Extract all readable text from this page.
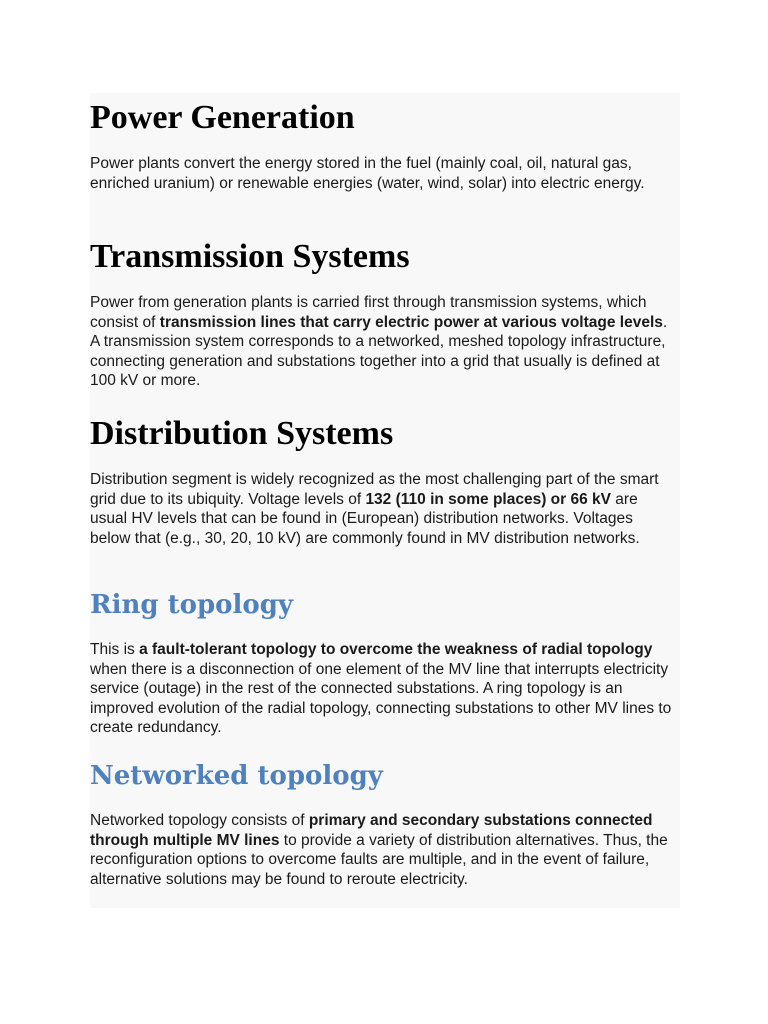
Power Generation

Power plants convert the energy stored in the fuel (mainly coal, oil, natural gas, enriched uranium) or renewable energies (water, wind, solar) into electric energy.

Transmission Systems

Power from generation plants is carried first through transmission systems, which consist of transmission lines that carry electric power at various voltage levels. A transmission system corresponds to a networked, meshed topology infrastructure, connecting generation and substations together into a grid that usually is defined at 100 kV or more.

Distribution Systems

Distribution segment is widely recognized as the most challenging part of the smart grid due to its ubiquity. Voltage levels of 132 (110 in some places) or 66 kV are usual HV levels that can be found in (European) distribution networks. Voltages below that (e.g., 30, 20, 10 kV) are commonly found in MV distribution networks.

Ring topology

This is a fault-tolerant topology to overcome the weakness of radial topology when there is a disconnection of one element of the MV line that interrupts electricity service (outage) in the rest of the connected substations. A ring topology is an improved evolution of the radial topology, connecting substations to other MV lines to create redundancy.

Networked topology

Networked topology consists of primary and secondary substations connected through multiple MV lines to provide a variety of distribution alternatives. Thus, the reconfiguration options to overcome faults are multiple, and in the event of failure, alternative solutions may be found to reroute electricity.
